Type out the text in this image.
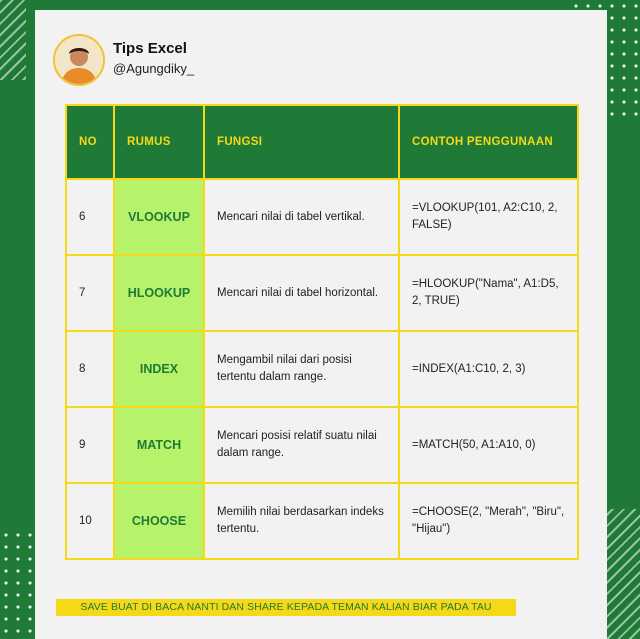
Tips Excel
@Agungdiky_
NO	RUMUS	FUNGSI	CONTOH PENGGUNAAN
6	VLOOKUP	Mencari nilai di tabel vertikal.	=VLOOKUP(101, A2:C10, 2, FALSE)
7	HLOOKUP	Mencari nilai di tabel horizontal.	=HLOOKUP("Nama", A1:D5, 2, TRUE)
8	INDEX	Mengambil nilai dari posisi tertentu dalam range.	=INDEX(A1:C10, 2, 3)
9	MATCH	Mencari posisi relatif suatu nilai dalam range.	=MATCH(50, A1:A10, 0)
10	CHOOSE	Memilih nilai berdasarkan indeks tertentu.	=CHOOSE(2, "Merah", "Biru", "Hijau")
SAVE BUAT DI BACA NANTI DAN SHARE KEPADA TEMAN KALIAN BIAR PADA TAU
